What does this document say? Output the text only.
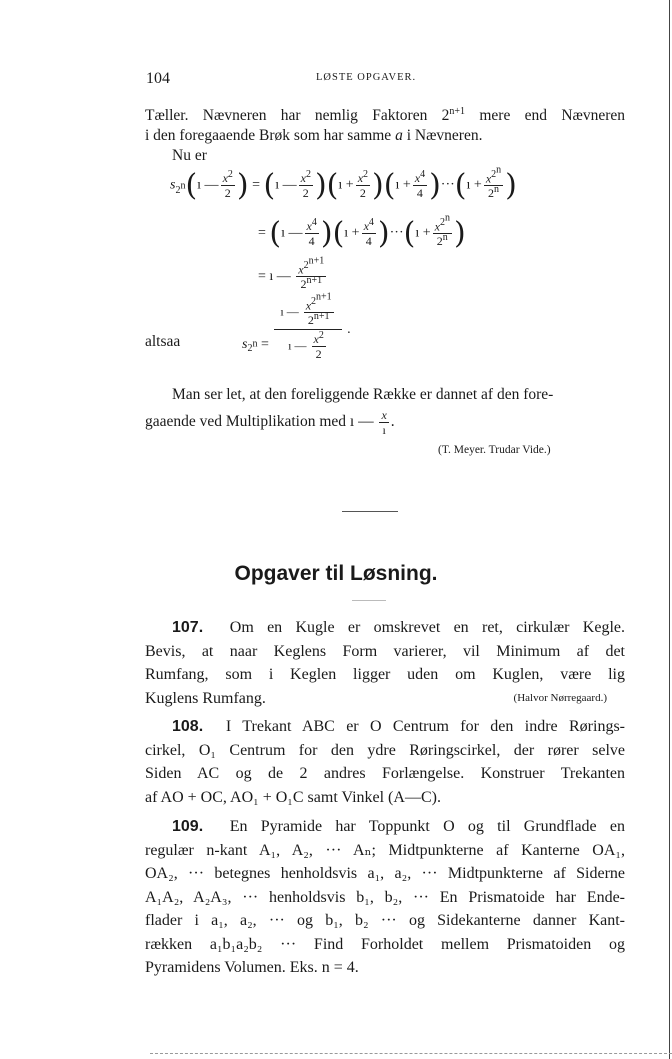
104	LØSTE OPGAVER.
Tæller. Nævneren har nemlig Faktoren $2^{n+1}$ mere end Nævneren
i den foregaaende Brøk som har samme a i Nævneren.
Nu er
$s_{2^n}(ı$ — $\frac{x^2}{2}$ ) = (ı — $\frac{x^2}{2}$ )(ı + $\frac{x^2}{2}$ )(ı + $\frac{x^4}{4}$ )···(ı + $\frac{x^{2^n}}{2^n}$ )
= (ı — $\frac{x^4}{4}$ )(ı + $\frac{x^4}{4}$ )···(ı + $\frac{x^{2^n}}{2^n}$ )
= ı — $\frac{x^{2^{n+1}}}{2^{n+1}}$
altsaa	$s_{2^n} = \frac{ı — \frac{x^{2^{n+1}}}{2^{n+1}}}{ı — \frac{x^2}{2}}$ .
Man ser let, at den foreliggende Række er dannet af den fore-
gaaende ved Multiplikation med ı — $\frac{x}{ı}$ .
(T. Meyer. Trudar Vide.)
Opgaver til Løsning.
107. Om en Kugle er omskrevet en ret, cirkulær Kegle.
Bevis, at naar Keglens Form varierer, vil Minimum af det
Rumfang, som i Keglen ligger uden om Kuglen, være lig
Kuglens Rumfang.	(Halvor Nørregaard.)
108. I Trekant ABC er O Centrum for den indre Rørings-
cirkel, O₁ Centrum for den ydre Røringscirkel, der rører selve
Siden AC og de 2 andres Forlængelse. Konstruer Trekanten
af AO + OC, AO₁ + O₁C samt Vinkel (A—C).
109. En Pyramide har Toppunkt O og til Grundflade en
regulær n-kant A₁, A₂, ··· Aₙ; Midtpunkterne af Kanterne OA₁,
OA₂, ··· betegnes henholdsvis a₁, a₂, ··· Midtpunkterne af Siderne
A₁A₂, A₂A₃, ··· henholdsvis b₁, b₂, ··· En Prismatoide har Ende-
flader i a₁, a₂, ··· og b₁, b₂ ··· og Sidekanterne danner Kant-
rækken a₁b₁a₂b₂ ··· Find Forholdet mellem Prismatoiden og
Pyramidens Volumen. Eks. n = 4.
